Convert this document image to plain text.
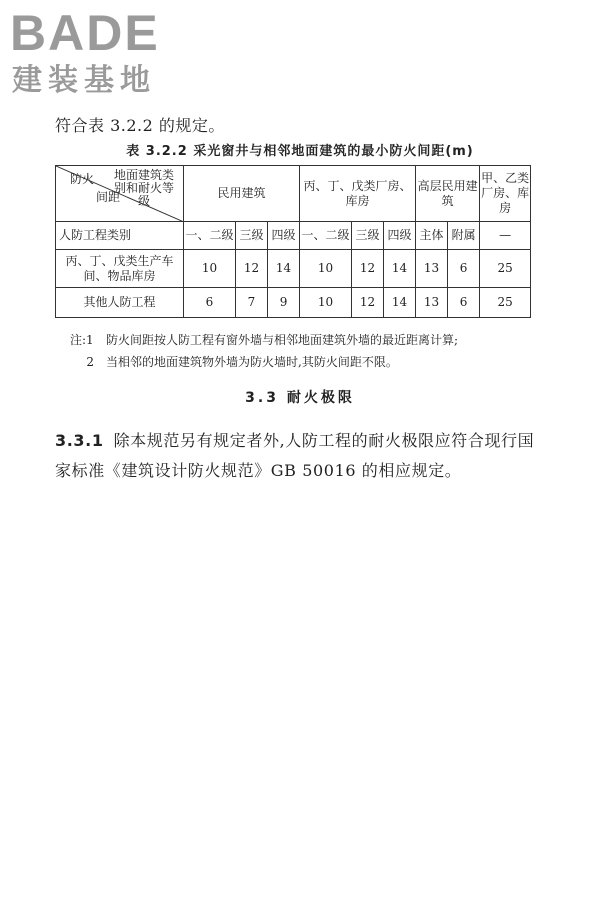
BADE
建装基地
符合表 3.2.2 的规定。
表 3.2.2 采光窗井与相邻地面建筑的最小防火间距(m)
防火
间距
地面建筑类别和耐火等级	民用建筑			丙、丁、戊类厂房、库房			高层民用建筑		甲、乙类厂房、库房
人防工程类别	一、二级	三级	四级	一、二级	三级	四级	主体	附属	—
丙、丁、戊类生产车间、物品库房	10	12	14	10	12	14	13	6	25
其他人防工程	6	7	9	10	12	14	13	6	25
注:1 防火间距按人防工程有窗外墙与相邻地面建筑外墙的最近距离计算;
2 当相邻的地面建筑物外墙为防火墙时,其防火间距不限。
3.3 耐火极限
3.3.1 除本规范另有规定者外,人防工程的耐火极限应符合现行国家标准《建筑设计防火规范》GB 50016 的相应规定。
